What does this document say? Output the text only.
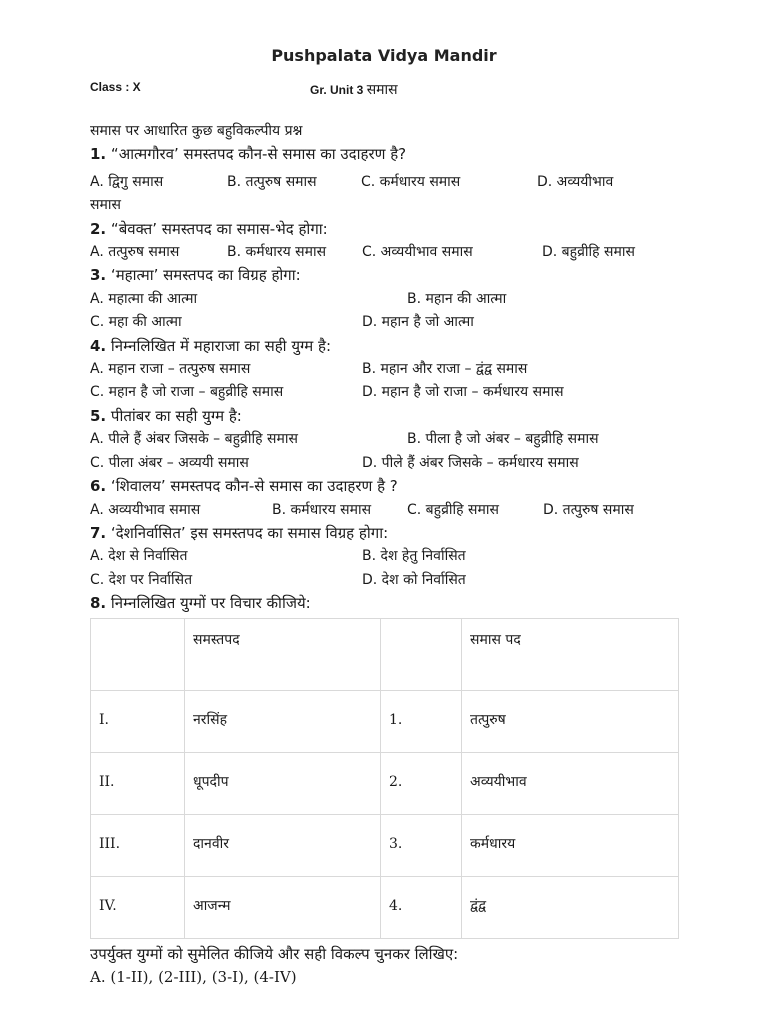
Pushpalata Vidya Mandir
Class : X	Gr. Unit 3 समास
समास पर आधारित कुछ बहुविकल्पीय प्रश्न
1. “आत्मगौरव’ समस्तपद कौन-से समास का उदाहरण है?
A. द्विगु समास	B. तत्पुरुष समास	C. कर्मधारय समास	D. अव्ययीभाव
समास
2. “बेवक्त’ समस्तपद का समास-भेद होगा:
A. तत्पुरुष समास	B. कर्मधारय समास	C. अव्ययीभाव समास	D. बहुव्रीहि समास
3. ‘महात्मा’ समस्तपद का विग्रह होगा:
A. महात्मा की आत्मा	B. महान की आत्मा
C. महा की आत्मा	D. महान है जो आत्मा
4. निम्नलिखित में महाराजा का सही युग्म है:
A. महान राजा – तत्पुरुष समास	B. महान और राजा – द्वंद्व समास
C. महान है जो राजा – बहुव्रीहि समास	D. महान है जो राजा – कर्मधारय समास
5. पीतांबर का सही युग्म है:
A. पीले हैं अंबर जिसके – बहुव्रीहि समास	B. पीला है जो अंबर – बहुव्रीहि समास
C. पीला अंबर – अव्ययी समास	D. पीले हैं अंबर जिसके – कर्मधारय समास
6. ‘शिवालय’ समस्तपद कौन-से समास का उदाहरण है ?
A. अव्ययीभाव समास	B. कर्मधारय समास	C. बहुव्रीहि समास	D. तत्पुरुष समास
7. ‘देशनिर्वासित’ इस समस्तपद का समास विग्रह होगा:
A. देश से निर्वासित	B. देश हेतु निर्वासित
C. देश पर निर्वासित	D. देश को निर्वासित
8. निम्नलिखित युग्मों पर विचार कीजिये:
	समस्तपद		समास पद
I.	नरसिंह	1.	तत्पुरुष
II.	धूपदीप	2.	अव्ययीभाव
III.	दानवीर	3.	कर्मधारय
IV.	आजन्म	4.	द्वंद्व
उपर्युक्त युग्मों को सुमेलित कीजिये और सही विकल्प चुनकर लिखिए:
A. (1-II), (2-III), (3-I), (4-IV)
